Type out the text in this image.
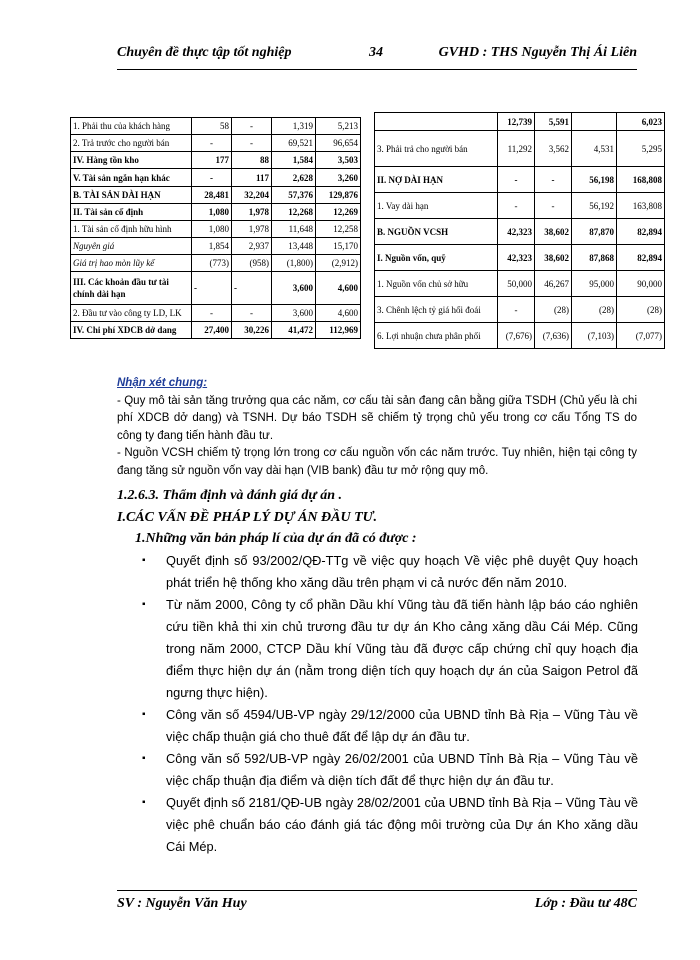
Chuyên đề thực tập tốt nghiệp	34	GVHD : THS Nguyễn Thị Ái Liên
1. Phải thu của khách hàng	58	-	1,319	5,213
2. Trả trước cho người bán	-	-	69,521	96,654
IV. Hàng tồn kho	177	88	1,584	3,503
V. Tài sản ngắn hạn khác	-	117	2,628	3,260
B. TÀI SẢN DÀI HẠN	28,481	32,204	57,376	129,876
II. Tài sản cố định	1,080	1,978	12,268	12,269
1. Tài sản cố định hữu hình	1,080	1,978	11,648	12,258
Nguyên giá	1,854	2,937	13,448	15,170
Giá trị hao mòn lũy kế	(773)	(958)	(1,800)	(2,912)
III. Các khoản đầu tư tài chính dài hạn	-	-	3,600	4,600
2. Đầu tư vào công ty LD, LK	-	-	3,600	4,600
IV. Chi phí XDCB dở dang	27,400	30,226	41,472	112,969
	12,739	5,591		6,023
3. Phải trả cho người bán	11,292	3,562	4,531	5,295
II. NỢ DÀI HẠN	-	-	56,198	168,808
1. Vay dài hạn	-	-	56,192	163,808
B. NGUỒN VCSH	42,323	38,602	87,870	82,894
I. Nguồn vốn, quỹ	42,323	38,602	87,868	82,894
1. Nguồn vốn chủ sở hữu	50,000	46,267	95,000	90,000
3. Chênh lệch tỷ giá hối đoái	-	(28)	(28)	(28)
6. Lợi nhuận chưa phân phối	(7,676)	(7,636)	(7,103)	(7,077)
Nhận xét chung:

- Quy mô tài sản tăng trưởng qua các năm, cơ cấu tài sản đang cân bằng giữa TSDH (Chủ yếu là chi phí XDCB dở dang) và TSNH. Dự báo TSDH sẽ chiếm tỷ trọng chủ yếu trong cơ cấu Tổng TS do công ty đang tiến hành đầu tư.

- Nguồn VCSH chiếm tỷ trọng lớn trong cơ cấu nguồn vốn các năm trước. Tuy nhiên, hiện tại công ty đang tăng sử nguồn vốn vay dài hạn (VIB bank) đầu tư mở rộng quy mô.

1.2.6.3. Thẩm định và đánh giá dự án .
I.CÁC VẤN ĐỀ PHÁP LÝ DỰ ÁN ĐẦU TƯ.
1.Những văn bản pháp lí của dự án đã có được :
▪ Quyết định số 93/2002/QĐ-TTg về việc quy hoạch Về việc phê duyệt Quy hoạch phát triển hệ thống kho xăng dầu trên phạm vi cả nước đến năm 2010.
▪ Từ năm 2000, Công ty cổ phần Dầu khí Vũng tàu đã tiến hành lập báo cáo nghiên cứu tiền khả thi xin chủ trương đầu tư dự án Kho cảng xăng dầu Cái Mép. Cũng trong năm 2000, CTCP Dầu khí Vũng tàu đã được cấp chứng chỉ quy hoạch địa điểm thực hiện dự án (nằm trong diện tích quy hoạch dự án của Saigon Petrol đã ngưng thực hiện).
▪ Công văn số 4594/UB-VP ngày 29/12/2000 của UBND tỉnh Bà Rịa – Vũng Tàu về việc chấp thuận giá cho thuê đất để lập dự án đầu tư.
▪ Công văn số 592/UB-VP ngày 26/02/2001 của UBND Tỉnh Bà Rịa – Vũng Tàu về việc chấp thuận địa điểm và diện tích đất để thực hiện dự án đầu tư.
▪ Quyết định số 2181/QĐ-UB ngày 28/02/2001 của UBND tỉnh Bà Rịa – Vũng Tàu về việc phê chuẩn báo cáo đánh giá tác động môi trường của Dự án Kho xăng dầu Cái Mép.
SV : Nguyễn Văn Huy	Lớp : Đầu tư 48C
